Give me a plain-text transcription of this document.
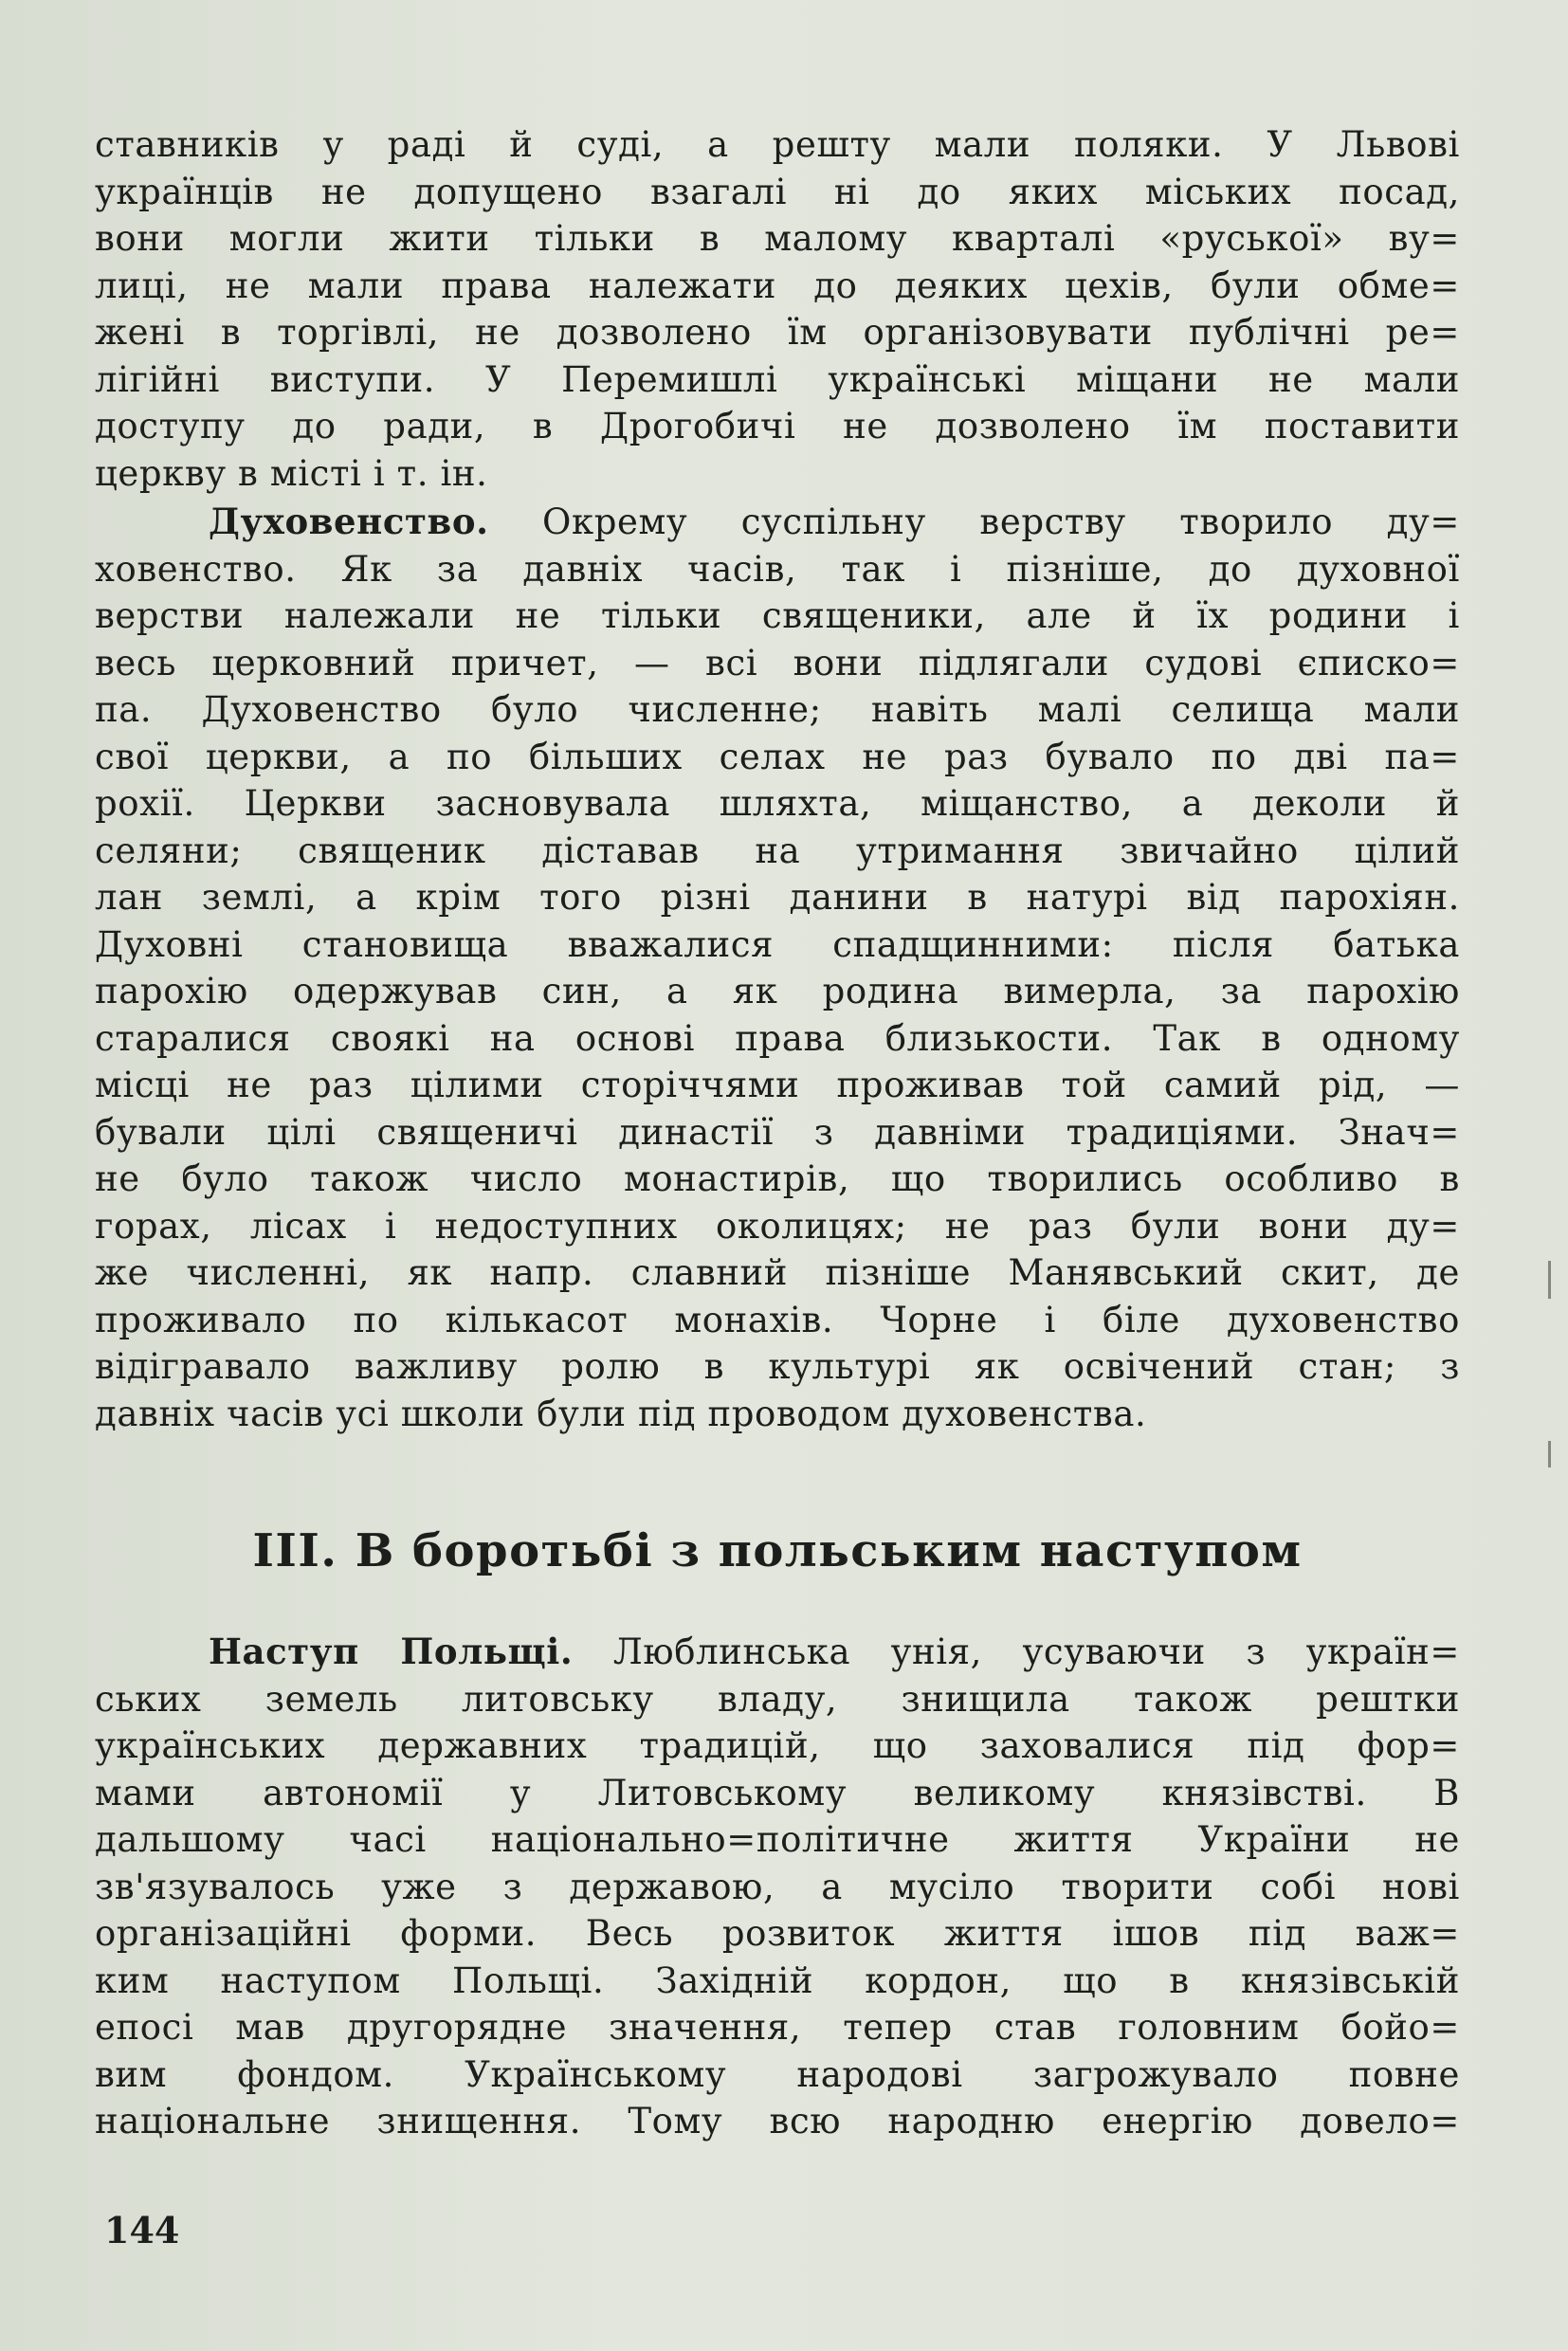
ставників у раді й суді, а решту мали поляки. У Львові
українців не допущено взагалі ні до яких міських посад,
вони могли жити тільки в малому кварталі «руської» ву=
лиці, не мали права належати до деяких цехів, були обме=
жені в торгівлі, не дозволено їм організовувати публічні ре=
лігійні виступи. У Перемишлі українські міщани не мали
доступу до ради, в Дрогобичі не дозволено їм поставити
церкву в місті і т. ін.
Духовенство. Окрему суспільну верству творило ду=
ховенство. Як за давніх часів, так і пізніше, до духовної
верстви належали не тільки священики, але й їх родини і
весь церковний причет, — всі вони підлягали судові єписко=
па. Духовенство було численне; навіть малі селища мали
свої церкви, а по більших селах не раз бувало по дві па=
рохії. Церкви засновувала шляхта, міщанство, а деколи й
селяни; священик діставав на утримання звичайно цілий
лан землі, а крім того різні данини в натурі від парохіян.
Духовні становища вважалися спадщинними: після батька
парохію одержував син, а як родина вимерла, за парохію
старалися своякі на основі права близькости. Так в одному
місці не раз цілими сторіччями проживав той самий рід, —
бували цілі священичі династії з давніми традиціями. Знач=
не було також число монастирів, що творились особливо в
горах, лісах і недоступних околицях; не раз були вони ду=
же численні, як напр. славний пізніше Манявський скит, де
проживало по кількасот монахів. Чорне і біле духовенство
відігравало важливу ролю в культурі як освічений стан; з
давніх часів усі школи були під проводом духовенства.
III. В боротьбі з польським наступом
Наступ Польщі. Люблинська унія, усуваючи з україн=
ських земель литовську владу, знищила також рештки
українських державних традицій, що заховалися під фор=
мами автономії у Литовському великому князівстві. В
дальшому часі національно=політичне життя України не
зв'язувалось уже з державою, а мусіло творити собі нові
організаційні форми. Весь розвиток життя ішов під важ=
ким наступом Польщі. Західній кордон, що в князівській
епосі мав другорядне значення, тепер став головним бойо=
вим фондом. Українському народові загрожувало повне
національне знищення. Тому всю народню енергію довело=
144
